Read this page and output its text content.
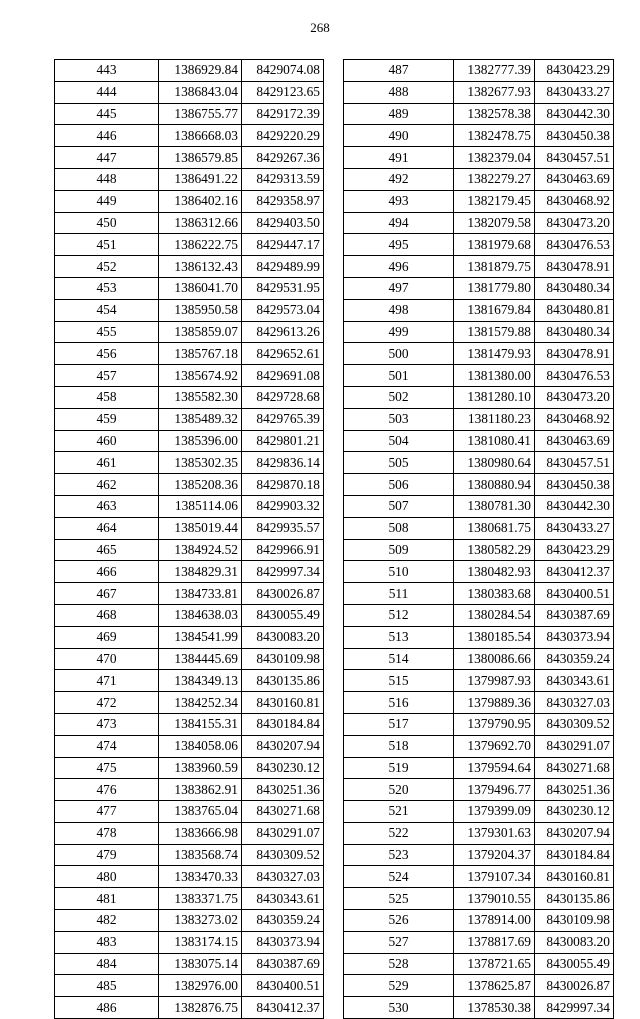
268
443	1386929.84	8429074.08
444	1386843.04	8429123.65
445	1386755.77	8429172.39
446	1386668.03	8429220.29
447	1386579.85	8429267.36
448	1386491.22	8429313.59
449	1386402.16	8429358.97
450	1386312.66	8429403.50
451	1386222.75	8429447.17
452	1386132.43	8429489.99
453	1386041.70	8429531.95
454	1385950.58	8429573.04
455	1385859.07	8429613.26
456	1385767.18	8429652.61
457	1385674.92	8429691.08
458	1385582.30	8429728.68
459	1385489.32	8429765.39
460	1385396.00	8429801.21
461	1385302.35	8429836.14
462	1385208.36	8429870.18
463	1385114.06	8429903.32
464	1385019.44	8429935.57
465	1384924.52	8429966.91
466	1384829.31	8429997.34
467	1384733.81	8430026.87
468	1384638.03	8430055.49
469	1384541.99	8430083.20
470	1384445.69	8430109.98
471	1384349.13	8430135.86
472	1384252.34	8430160.81
473	1384155.31	8430184.84
474	1384058.06	8430207.94
475	1383960.59	8430230.12
476	1383862.91	8430251.36
477	1383765.04	8430271.68
478	1383666.98	8430291.07
479	1383568.74	8430309.52
480	1383470.33	8430327.03
481	1383371.75	8430343.61
482	1383273.02	8430359.24
483	1383174.15	8430373.94
484	1383075.14	8430387.69
485	1382976.00	8430400.51
486	1382876.75	8430412.37
487	1382777.39	8430423.29
488	1382677.93	8430433.27
489	1382578.38	8430442.30
490	1382478.75	8430450.38
491	1382379.04	8430457.51
492	1382279.27	8430463.69
493	1382179.45	8430468.92
494	1382079.58	8430473.20
495	1381979.68	8430476.53
496	1381879.75	8430478.91
497	1381779.80	8430480.34
498	1381679.84	8430480.81
499	1381579.88	8430480.34
500	1381479.93	8430478.91
501	1381380.00	8430476.53
502	1381280.10	8430473.20
503	1381180.23	8430468.92
504	1381080.41	8430463.69
505	1380980.64	8430457.51
506	1380880.94	8430450.38
507	1380781.30	8430442.30
508	1380681.75	8430433.27
509	1380582.29	8430423.29
510	1380482.93	8430412.37
511	1380383.68	8430400.51
512	1380284.54	8430387.69
513	1380185.54	8430373.94
514	1380086.66	8430359.24
515	1379987.93	8430343.61
516	1379889.36	8430327.03
517	1379790.95	8430309.52
518	1379692.70	8430291.07
519	1379594.64	8430271.68
520	1379496.77	8430251.36
521	1379399.09	8430230.12
522	1379301.63	8430207.94
523	1379204.37	8430184.84
524	1379107.34	8430160.81
525	1379010.55	8430135.86
526	1378914.00	8430109.98
527	1378817.69	8430083.20
528	1378721.65	8430055.49
529	1378625.87	8430026.87
530	1378530.38	8429997.34
